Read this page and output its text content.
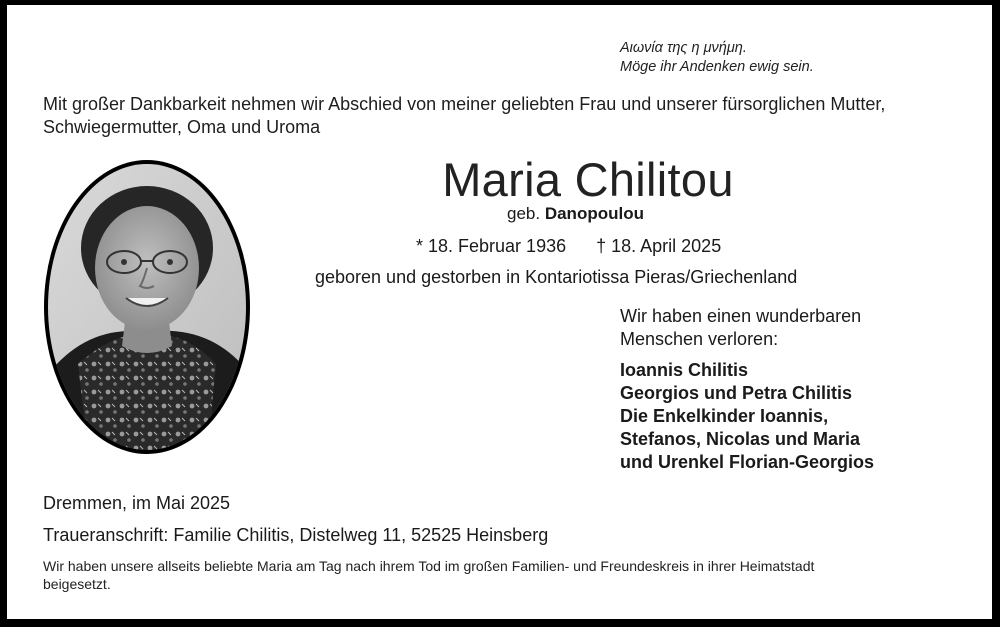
Αιωνία της η μνήμη.
Möge ihr Andenken ewig sein.
Mit großer Dankbarkeit nehmen wir Abschied von meiner geliebten Frau und unserer fürsorglichen Mutter,
Schwiegermutter, Oma und Uroma
Maria Chilitou
geb. Danopoulou
* 18. Februar 1936 † 18. April 2025
geboren und gestorben in Kontariotissa Pieras/Griechenland
Wir haben einen wunderbaren
Menschen verloren:
Ioannis Chilitis
Georgios und Petra Chilitis
Die Enkelkinder Ioannis,
Stefanos, Nicolas und Maria
und Urenkel Florian-Georgios
Dremmen, im Mai 2025
Traueranschrift: Familie Chilitis, Distelweg 11, 52525 Heinsberg
Wir haben unsere allseits beliebte Maria am Tag nach ihrem Tod im großen Familien- und Freundeskreis in ihrer Heimatstadt
beigesetzt.
